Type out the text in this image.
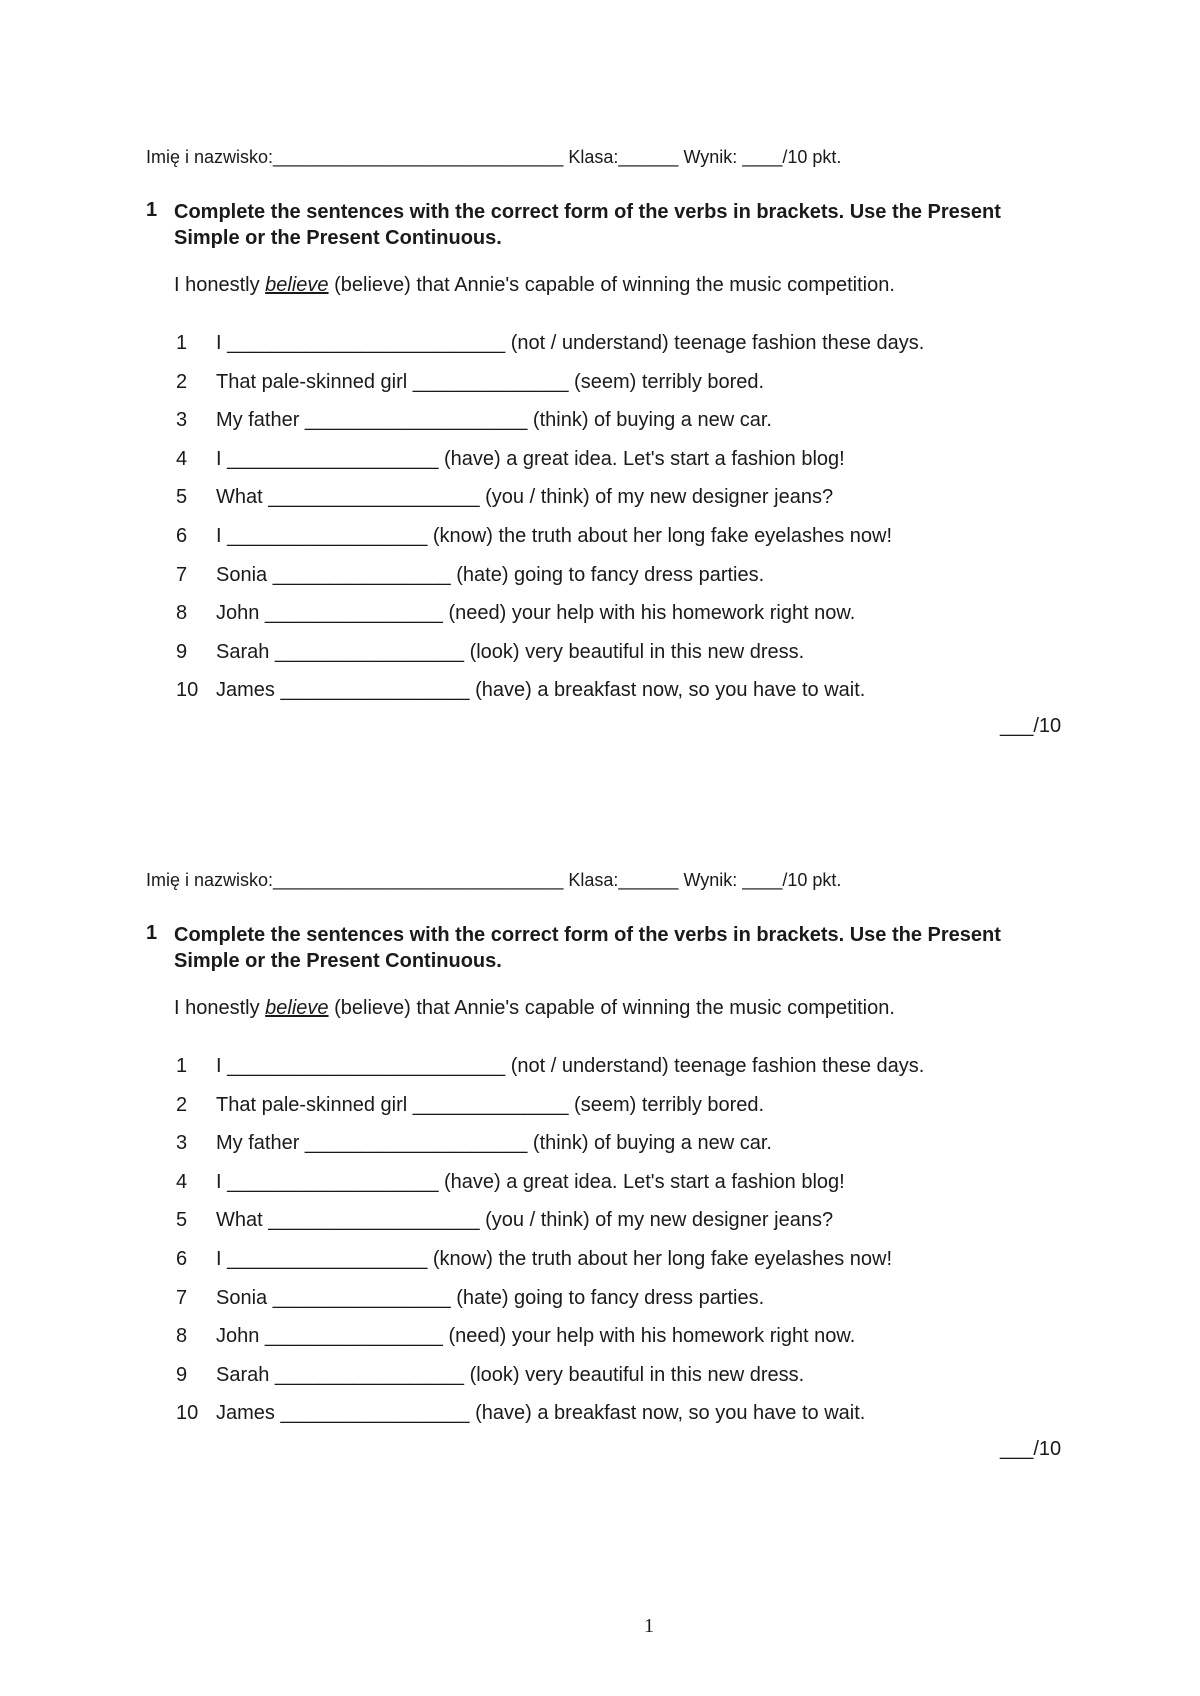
Imię i nazwisko:_____________________________ Klasa:______ Wynik: ____/10 pkt.
1 Complete the sentences with the correct form of the verbs in brackets. Use the Present Simple or the Present Continuous.
I honestly believe (believe) that Annie's capable of winning the music competition.
1 I _________________________ (not / understand) teenage fashion these days.
2 That pale-skinned girl ______________ (seem) terribly bored.
3 My father ____________________ (think) of buying a new car.
4 I ___________________ (have) a great idea. Let's start a fashion blog!
5 What ___________________ (you / think) of my new designer jeans?
6 I __________________ (know) the truth about her long fake eyelashes now!
7 Sonia ________________ (hate) going to fancy dress parties.
8 John ________________ (need) your help with his homework right now.
9 Sarah _________________ (look) very beautiful in this new dress.
10 James _________________ (have) a breakfast now, so you have to wait.
___/10
Imię i nazwisko:_____________________________ Klasa:______ Wynik: ____/10 pkt.
1 Complete the sentences with the correct form of the verbs in brackets. Use the Present Simple or the Present Continuous.
I honestly believe (believe) that Annie's capable of winning the music competition.
1 I _________________________ (not / understand) teenage fashion these days.
2 That pale-skinned girl ______________ (seem) terribly bored.
3 My father ____________________ (think) of buying a new car.
4 I ___________________ (have) a great idea. Let's start a fashion blog!
5 What ___________________ (you / think) of my new designer jeans?
6 I __________________ (know) the truth about her long fake eyelashes now!
7 Sonia ________________ (hate) going to fancy dress parties.
8 John ________________ (need) your help with his homework right now.
9 Sarah _________________ (look) very beautiful in this new dress.
10 James _________________ (have) a breakfast now, so you have to wait.
___/10
1
